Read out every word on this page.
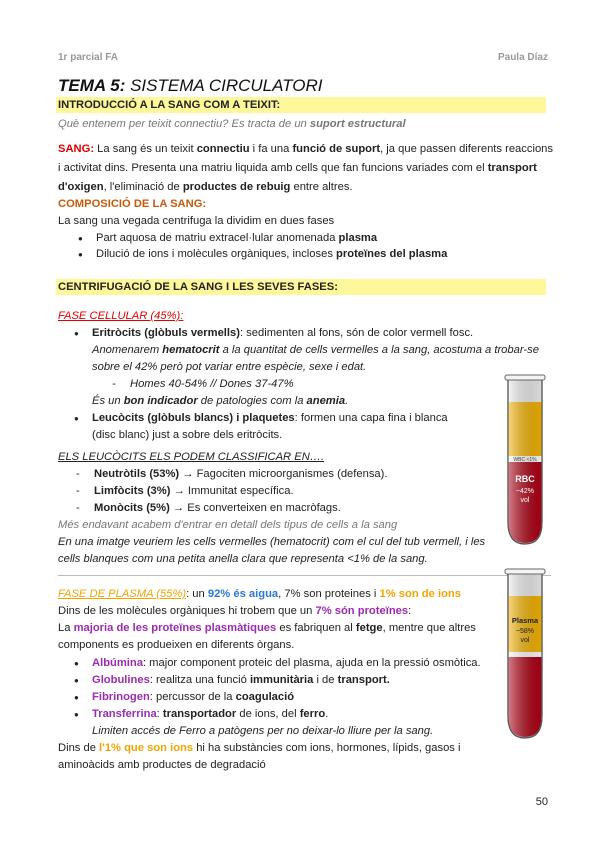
1r parcial FA	Paula Díaz
TEMA 5: SISTEMA CIRCULATORI
INTRODUCCIÓ A LA SANG COM A TEIXIT:
Què entenem per teixit connectiu? Es tracta de un suport estructural
SANG: La sang és un teixit connectiu i fa una funció de suport, ja que passen diferents reaccions
i activitat dins. Presenta una matriu liquida amb cells que fan funcions variades com el transport
d'oxigen, l'eliminació de productes de rebuig entre altres.
COMPOSICIÓ DE LA SANG:
La sang una vegada centrifuga la dividim en dues fases
● Part aquosa de matriu extracel·lular anomenada plasma
● Dilució de ions i molècules orgàniques, incloses proteïnes del plasma
CENTRIFUGACIÓ DE LA SANG I LES SEVES FASES:
FASE CELLULAR (45%):
● Eritròcits (glòbuls vermells): sedimenten al fons, són de color vermell fosc.
Anomenarem hematocrit a la quantitat de cells vermelles a la sang, acostuma a trobar-se
sobre el 42% però pot variar entre espècie, sexe i edat.
- Homes 40-54% // Dones 37-47%
És un bon indicador de patologies com la anemia.
● Leucòcits (glòbuls blancs) i plaquetes: formen una capa fina i blanca
(disc blanc) just a sobre dels eritròcits.
ELS LEUCÒCITS ELS PODEM CLASSIFICAR EN….
- Neutròtils (53%) → Fagociten microorganismes (defensa).
- Limfòcits (3%) → Immunitat específica.
- Monòcits (5%) → Es converteixen en macròfags.
Més endavant acabem d'entrar en detall dels tipus de cells a la sang
En una imatge veuriem les cells vermelles (hematocrit) com el cul del tub vermell, i les
cells blanques com una petita anella clara que representa <1% de la sang.
FASE DE PLASMA (55%): un 92% és aigua, 7% son proteines i 1% son de ions
Dins de les molècules orgàniques hi trobem que un 7% són proteïnes:
La majoria de les proteïnes plasmàtiques es fabriquen al fetge, mentre que altres
components es produeixen en diferents òrgans.
● Albúmina: major component proteic del plasma, ajuda en la pressió osmòtica.
● Globulines: realitza una funció immunitària i de transport.
● Fibrinogen: percussor de la coagulació
● Transferrina: transportador de ions, del ferro.
Limiten accés de Ferro a patògens per no deixar-lo lliure per la sang.
Dins de l'1% que son ions hi ha substàncies com ions, hormones, lípids, gasos i
aminoàcids amb productes de degradació
WBC <1%
RBC
~42%
vol
Plasma
~58%
vol
50
